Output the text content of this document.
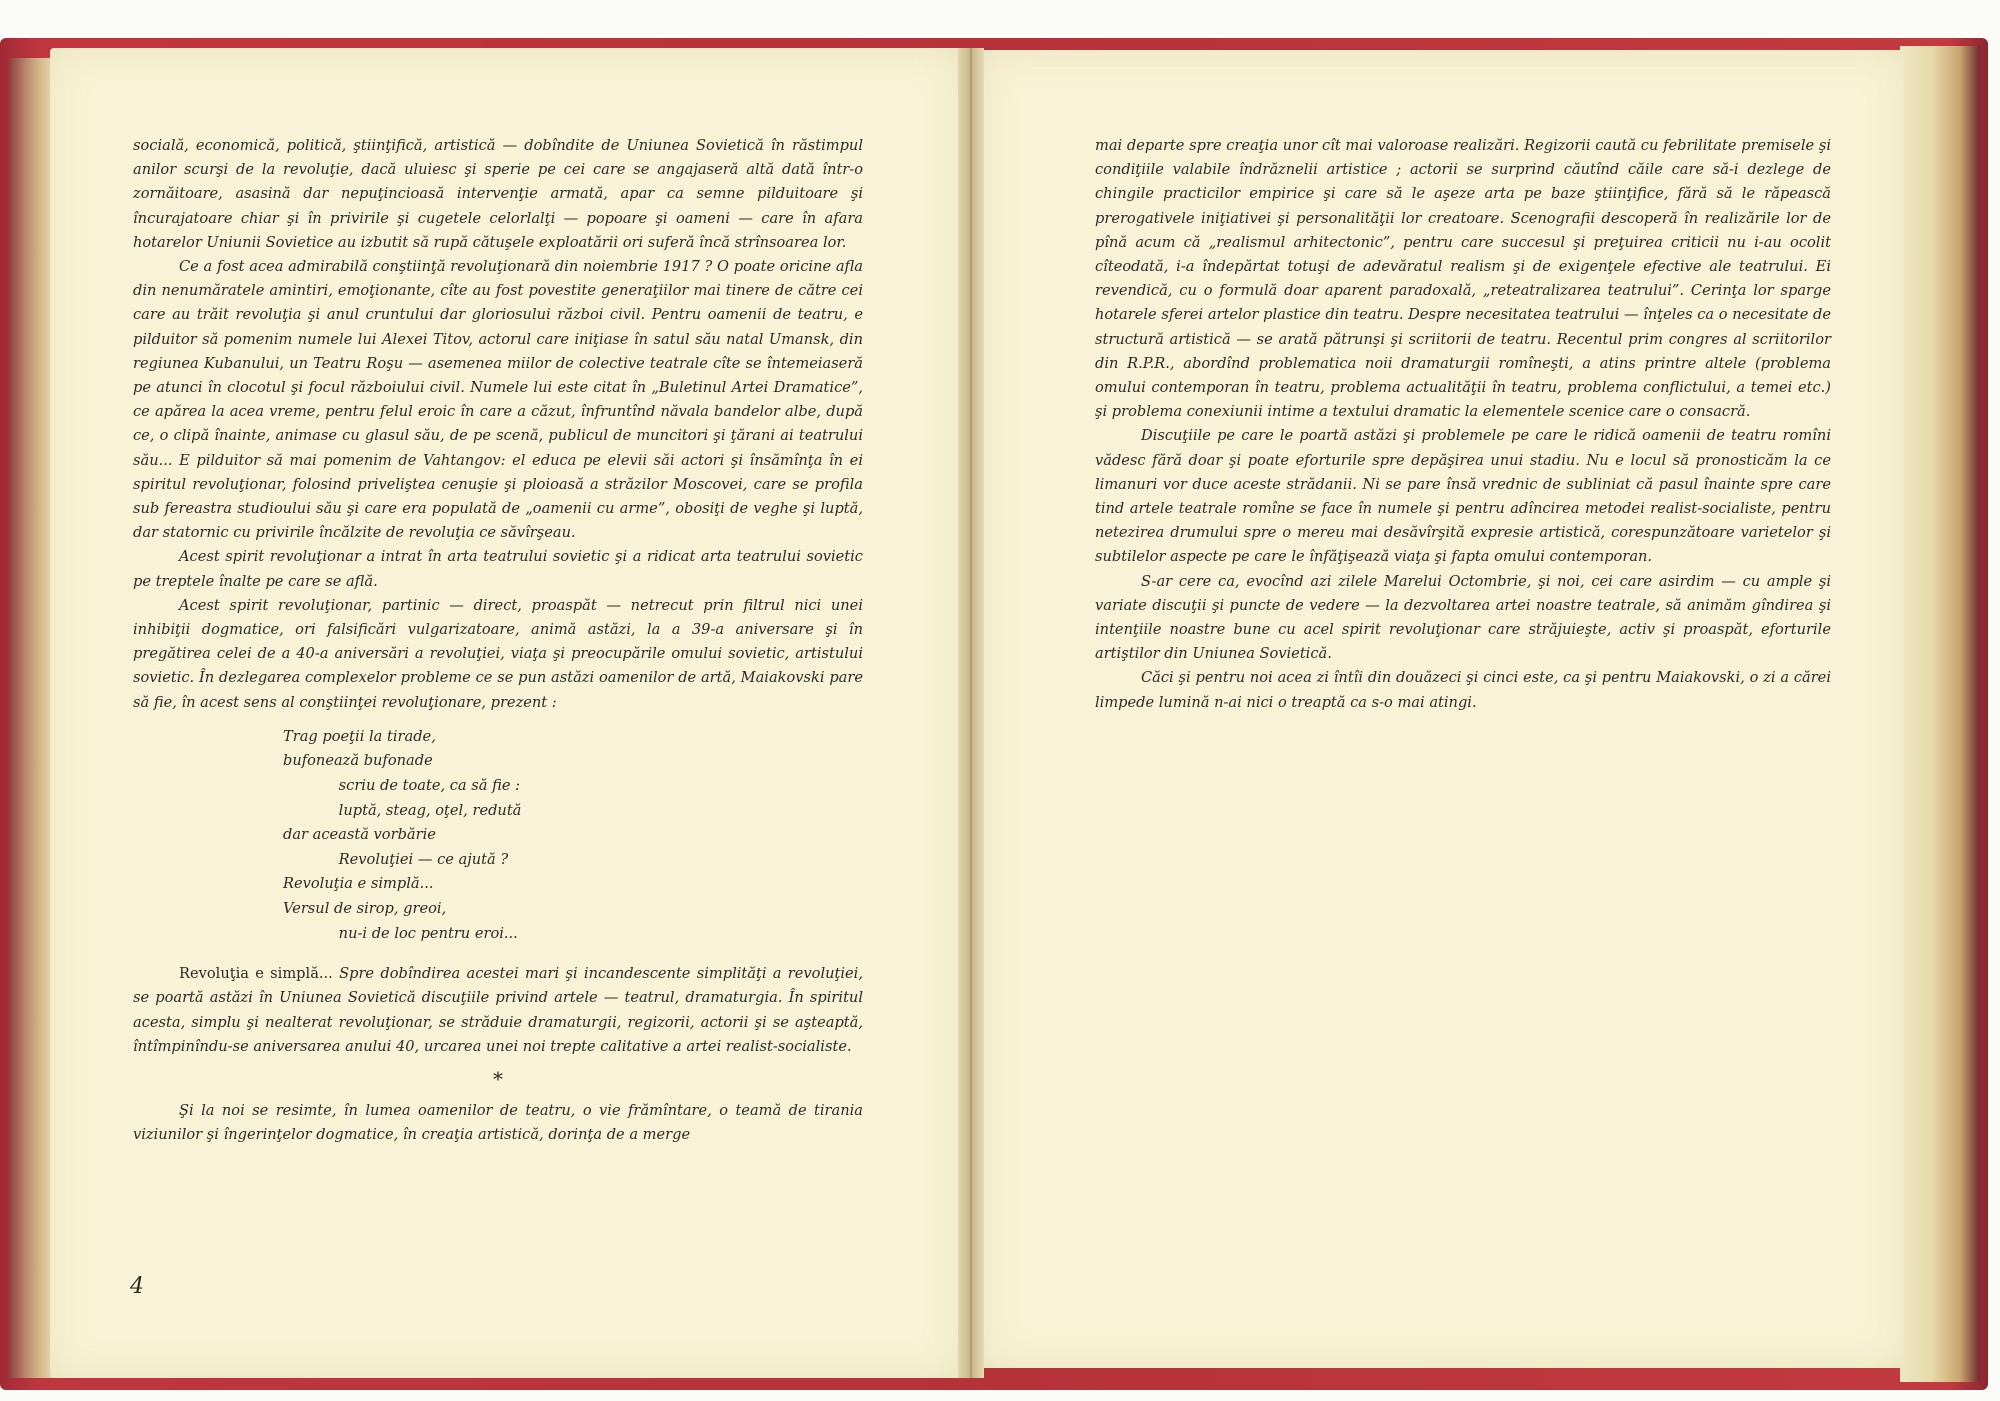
socială, economică, politică, ştiinţifică, artistică — dobîndite de Uniunea Sovietică în răstimpul anilor scurşi de la revoluţie, dacă uluiesc şi sperie pe cei care se angajaseră altă dată într-o zornăitoare, asasină dar nepuţincioasă intervenţie armată, apar ca semne pilduitoare şi încurajatoare chiar şi în privirile şi cugetele celorlalţi — popoare şi oameni — care în afara hotarelor Uniunii Sovietice au izbutit să rupă cătuşele exploatării ori suferă încă strînsoarea lor.

Ce a fost acea admirabilă conştiinţă revoluţionară din noiembrie 1917 ? O poate oricine afla din nenumăratele amintiri, emoţionante, cîte au fost povestite generaţiilor mai tinere de către cei care au trăit revoluţia şi anul cruntului dar gloriosului război civil. Pentru oamenii de teatru, e pilduitor să pomenim numele lui Alexei Titov, actorul care iniţiase în satul său natal Umansk, din regiunea Kubanului, un Teatru Roşu — asemenea miilor de colective teatrale cîte se întemeiaseră pe atunci în clocotul şi focul războiului civil. Numele lui este citat în „Buletinul Artei Dramatice”, ce apărea la acea vreme, pentru felul eroic în care a căzut, înfruntînd năvala bandelor albe, după ce, o clipă înainte, animase cu glasul său, de pe scenă, publicul de muncitori şi ţărani ai teatrului său... E pilduitor să mai pomenim de Vahtangov: el educa pe elevii săi actori şi însămînţa în ei spiritul revoluţionar, folosind priveliştea cenuşie şi ploioasă a străzilor Moscovei, care se profila sub fereastra studioului său şi care era populată de „oamenii cu arme”, obosiţi de veghe şi luptă, dar statornic cu privirile încălzite de revoluţia ce săvîrşeau.

Acest spirit revoluţionar a intrat în arta teatrului sovietic şi a ridicat arta teatrului sovietic pe treptele înalte pe care se află.

Acest spirit revoluţionar, partinic — direct, proaspăt — netrecut prin filtrul nici unei inhibiţii dogmatice, ori falsificări vulgarizatoare, animă astăzi, la a 39-a aniversare şi în pregătirea celei de a 40-a aniversări a revoluţiei, viaţa şi preocupările omului sovietic, artistului sovietic. În dezlegarea complexelor probleme ce se pun astăzi oamenilor de artă, Maiakovski pare să fie, în acest sens al conştiinţei revoluţionare, prezent :

Trag poeţii la tirade,
bufonează bufonade
scriu de toate, ca să fie :
luptă, steag, oţel, redută
dar această vorbărie
Revoluţiei — ce ajută ?
Revoluţia e simplă...
Versul de sirop, greoi,
nu-i de loc pentru eroi...

Revoluţia e simplă... Spre dobîndirea acestei mari şi incandescente simplităţi a revoluţiei, se poartă astăzi în Uniunea Sovietică discuţiile privind artele — teatrul, dramaturgia. În spiritul acesta, simplu şi nealterat revoluţionar, se străduie dramaturgii, regizorii, actorii şi se aşteaptă, întîmpinîndu-se aniversarea anului 40, urcarea unei noi trepte calitative a artei realist-socialiste.

*

Şi la noi se resimte, în lumea oamenilor de teatru, o vie frămîntare, o teamă de tirania viziunilor şi îngerinţelor dogmatice, în creaţia artistică, dorinţa de a merge

4

mai departe spre creaţia unor cît mai valoroase realizări. Regizorii caută cu febrilitate premisele şi condiţiile valabile îndrăznelii artistice ; actorii se surprind căutînd căile care să-i dezlege de chingile practicilor empirice şi care să le aşeze arta pe baze ştiinţifice, fără să le răpească prerogativele iniţiativei şi personalităţii lor creatoare. Scenografii descoperă în realizările lor de pînă acum că „realismul arhitectonic”, pentru care succesul şi preţuirea criticii nu i-au ocolit cîteodată, i-a îndepărtat totuşi de adevăratul realism şi de exigenţele efective ale teatrului. Ei revendică, cu o formulă doar aparent paradoxală, „reteatralizarea teatrului”. Cerinţa lor sparge hotarele sferei artelor plastice din teatru. Despre necesitatea teatrului — înţeles ca o necesitate de structură artistică — se arată pătrunşi şi scriitorii de teatru. Recentul prim congres al scriitorilor din R.P.R., abordînd problematica noii dramaturgii romîneşti, a atins printre altele (problema omului contemporan în teatru, problema actualităţii în teatru, problema conflictului, a temei etc.) şi problema conexiunii intime a textului dramatic la elementele scenice care o consacră.

Discuţiile pe care le poartă astăzi şi problemele pe care le ridică oamenii de teatru romîni vădesc fără doar şi poate eforturile spre depăşirea unui stadiu. Nu e locul să pronosticăm la ce limanuri vor duce aceste strădanii. Ni se pare însă vrednic de subliniat că pasul înainte spre care tind artele teatrale romîne se face în numele şi pentru adîncirea metodei realist-socialiste, pentru netezirea drumului spre o mereu mai desăvîrşită expresie artistică, corespunzătoare varietelor şi subtilelor aspecte pe care le înfăţişează viaţa şi fapta omului contemporan.

S-ar cere ca, evocînd azi zilele Marelui Octombrie, şi noi, cei care asirdim — cu ample şi variate discuţii şi puncte de vedere — la dezvoltarea artei noastre teatrale, să animăm gîndirea şi intenţiile noastre bune cu acel spirit revoluţionar care străjuieşte, activ şi proaspăt, eforturile artiştilor din Uniunea Sovietică.

Căci şi pentru noi acea zi întîi din douăzeci şi cinci este, ca şi pentru Maiakovski, o zi a cărei limpede lumină n-ai nici o treaptă ca s-o mai atingi.
